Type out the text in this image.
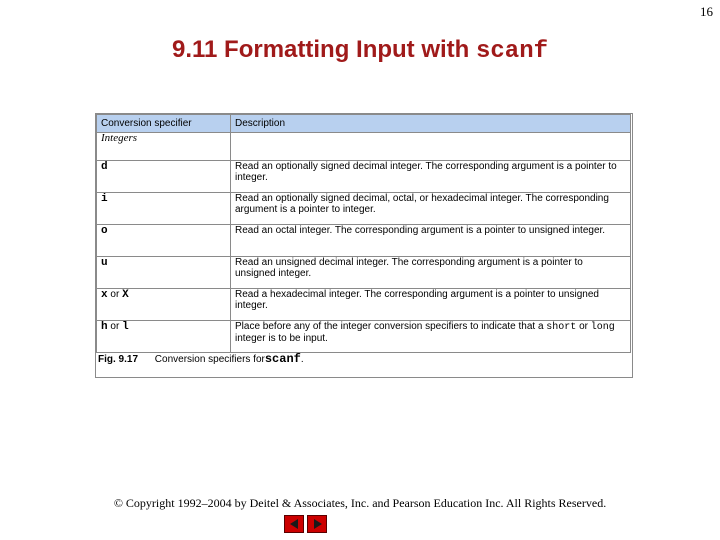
16
9.11 Formatting Input with scanf
Conversion specifier	Description
Integers	
d	Read an optionally signed decimal integer. The corresponding argument is a pointer to integer.
i	Read an optionally signed decimal, octal, or hexadecimal integer. The corresponding argument is a pointer to integer.
o	Read an octal integer. The corresponding argument is a pointer to unsigned integer.
u	Read an unsigned decimal integer. The corresponding argument is a pointer to unsigned integer.
x or X	Read a hexadecimal integer. The corresponding argument is a pointer to unsigned integer.
h or l	Place before any of the integer conversion specifiers to indicate that a short or long integer is to be input.
Fig. 9.17 Conversion specifiers forscanf.
© Copyright 1992–2004 by Deitel & Associates, Inc. and Pearson Education Inc. All Rights Reserved.
